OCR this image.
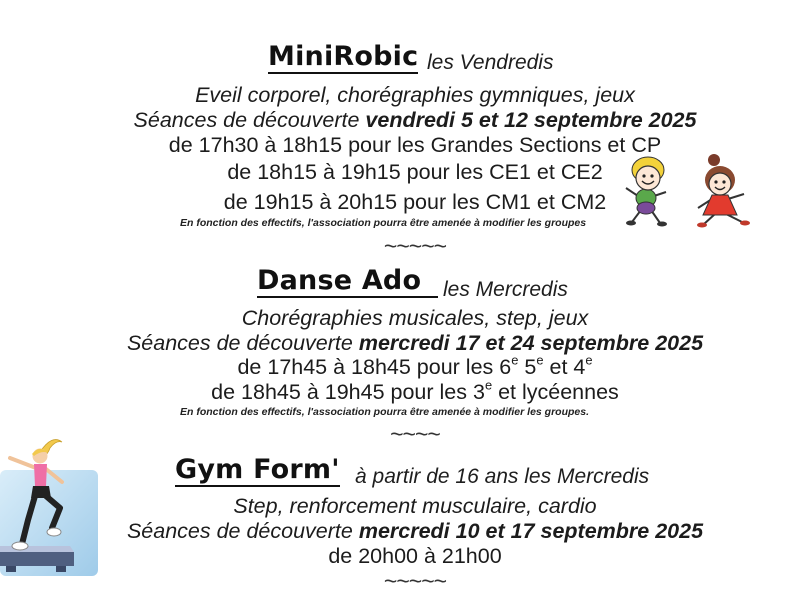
MiniRobic les Vendredis
Eveil corporel, chorégraphies gymniques, jeux
Séances de découverte vendredi 5 et 12 septembre 2025
de 17h30 à 18h15 pour les Grandes Sections et CP
de 18h15 à 19h15 pour les CE1 et CE2
de 19h15 à 20h15 pour les CM1 et CM2
En fonction des effectifs, l'association pourra être amenée à modifier les groupes
~~~~~
Danse Ado	les Mercredis
Chorégraphies musicales, step, jeux
Séances de découverte mercredi 17 et 24 septembre 2025
de 17h45 à 18h45 pour les 6e 5e et 4e
de 18h45 à 19h45 pour les 3e et lycéennes
En fonction des effectifs, l'association pourra être amenée à modifier les groupes.
~~~~
Gym Form' à partir de 16 ans les Mercredis
Step, renforcement musculaire, cardio
Séances de découverte mercredi 10 et 17 septembre 2025
de 20h00 à 21h00
~~~~~
